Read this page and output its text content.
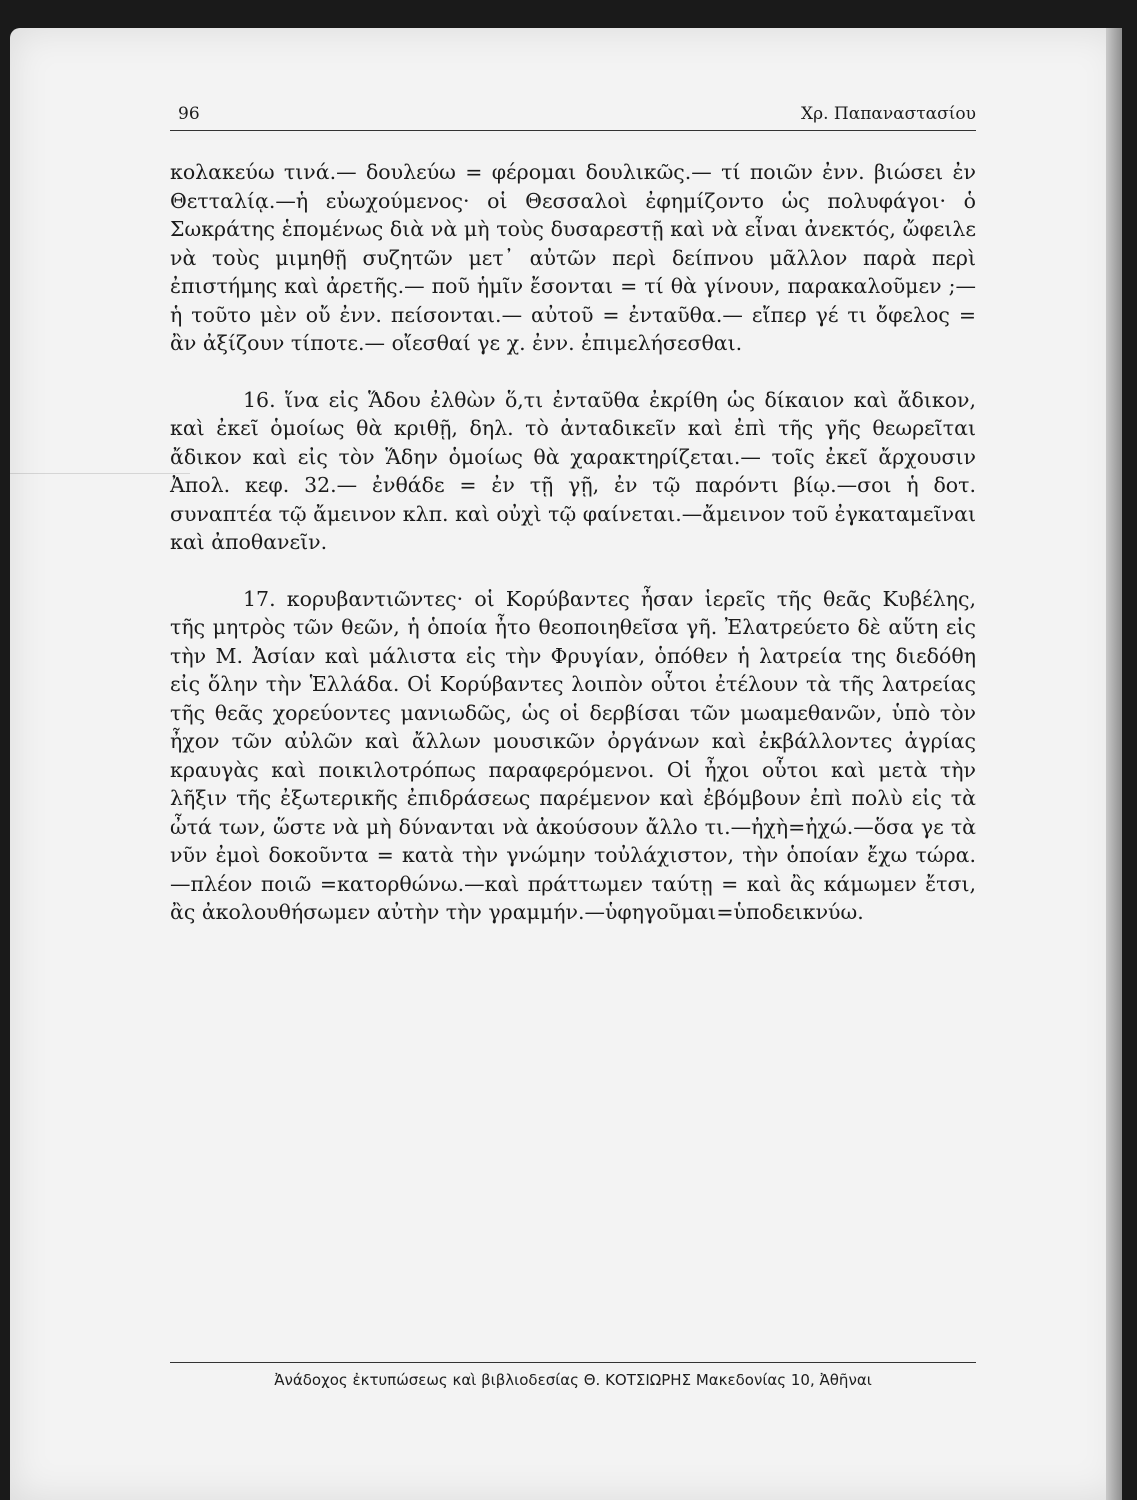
96	Χρ. Παπαναστασίου

κολακεύω τινά.— δουλεύω = φέρομαι δουλικῶς.— τί ποιῶν ἐνν. βιώσει ἐν Θετταλίᾳ.—ἡ εὐωχούμενος· οἱ Θεσσαλοὶ ἐφημίζοντο ὡς πολυφάγοι· ὁ Σωκράτης ἑπομένως διὰ νὰ μὴ τοὺς δυσαρεστῇ καὶ νὰ εἶναι ἀνεκτός, ὤφειλε νὰ τοὺς μιμηθῇ συζητῶν μετ᾿ αὐτῶν περὶ δείπνου μᾶλλον παρὰ περὶ ἐπιστήμης καὶ ἀρετῆς.— ποῦ ἡμῖν ἔσονται = τί θὰ γίνουν, παρακαλοῦμεν ;—ἡ τοῦτο μὲν οὔ ἐνν. πείσονται.— αὐτοῦ = ἐνταῦθα.— εἴπερ γέ τι ὄφελος = ἂν ἀξίζουν τίποτε.— οἴεσθαί γε χ. ἐνν. ἐπιμελήσεσθαι.

16. ἵνα εἰς Ἅδου ἐλθὼν ὅ,τι ἐνταῦθα ἐκρίθη ὡς δίκαιον καὶ ἄδικον, καὶ ἐκεῖ ὁμοίως θὰ κριθῇ, δηλ. τὸ ἀνταδικεῖν καὶ ἐπὶ τῆς γῆς θεωρεῖται ἄδικον καὶ εἰς τὸν Ἅδην ὁμοίως θὰ χαρακτηρίζεται.— τοῖς ἐκεῖ ἄρχουσιν Ἀπολ. κεφ. 32.— ἐνθάδε = ἐν τῇ γῇ, ἐν τῷ παρόντι βίῳ.—σοι ἡ δοτ. συναπτέα τῷ ἄμεινον κλπ. καὶ οὐχὶ τῷ φαίνεται.—ἄμεινον τοῦ ἐγκαταμεῖναι καὶ ἀποθανεῖν.

17. κορυβαντιῶντες· οἱ Κορύβαντες ἦσαν ἱερεῖς τῆς θεᾶς Κυβέλης, τῆς μητρὸς τῶν θεῶν, ἡ ὁποία ἦτο θεοποιηθεῖσα γῆ. Ἐλατρεύετο δὲ αὕτη εἰς τὴν Μ. Ἀσίαν καὶ μάλιστα εἰς τὴν Φρυγίαν, ὁπόθεν ἡ λατρεία της διεδόθη εἰς ὅλην τὴν Ἑλλάδα. Οἱ Κορύβαντες λοιπὸν οὗτοι ἐτέλουν τὰ τῆς λατρείας τῆς θεᾶς χορεύοντες μανιωδῶς, ὡς οἱ δερβίσαι τῶν μωαμεθανῶν, ὑπὸ τὸν ἦχον τῶν αὐλῶν καὶ ἄλλων μουσικῶν ὀργάνων καὶ ἐκβάλλοντες ἀγρίας κραυγὰς καὶ ποικιλοτρόπως παραφερόμενοι. Οἱ ἦχοι οὗτοι καὶ μετὰ τὴν λῆξιν τῆς ἐξωτερικῆς ἐπιδράσεως παρέμενον καὶ ἐβόμβουν ἐπὶ πολὺ εἰς τὰ ὦτά των, ὥστε νὰ μὴ δύνανται νὰ ἀκούσουν ἄλλο τι.—ἠχὴ=ἠχώ.—ὅσα γε τὰ νῦν ἐμοὶ δοκοῦντα = κατὰ τὴν γνώμην τοὐλάχιστον, τὴν ὁποίαν ἔχω τώρα.—πλέον ποιῶ =κατορθώνω.—καὶ πράττωμεν ταύτῃ = καὶ ἂς κάμωμεν ἔτσι, ἂς ἀκολουθήσωμεν αὐτὴν τὴν γραμμήν.—ὑφηγοῦμαι=ὑποδεικνύω.

Ἀνάδοχος ἐκτυπώσεως καὶ βιβλιοδεσίας Θ. ΚΟΤΣΙΩΡΗΣ Μακεδονίας 10, Ἀθῆναι
